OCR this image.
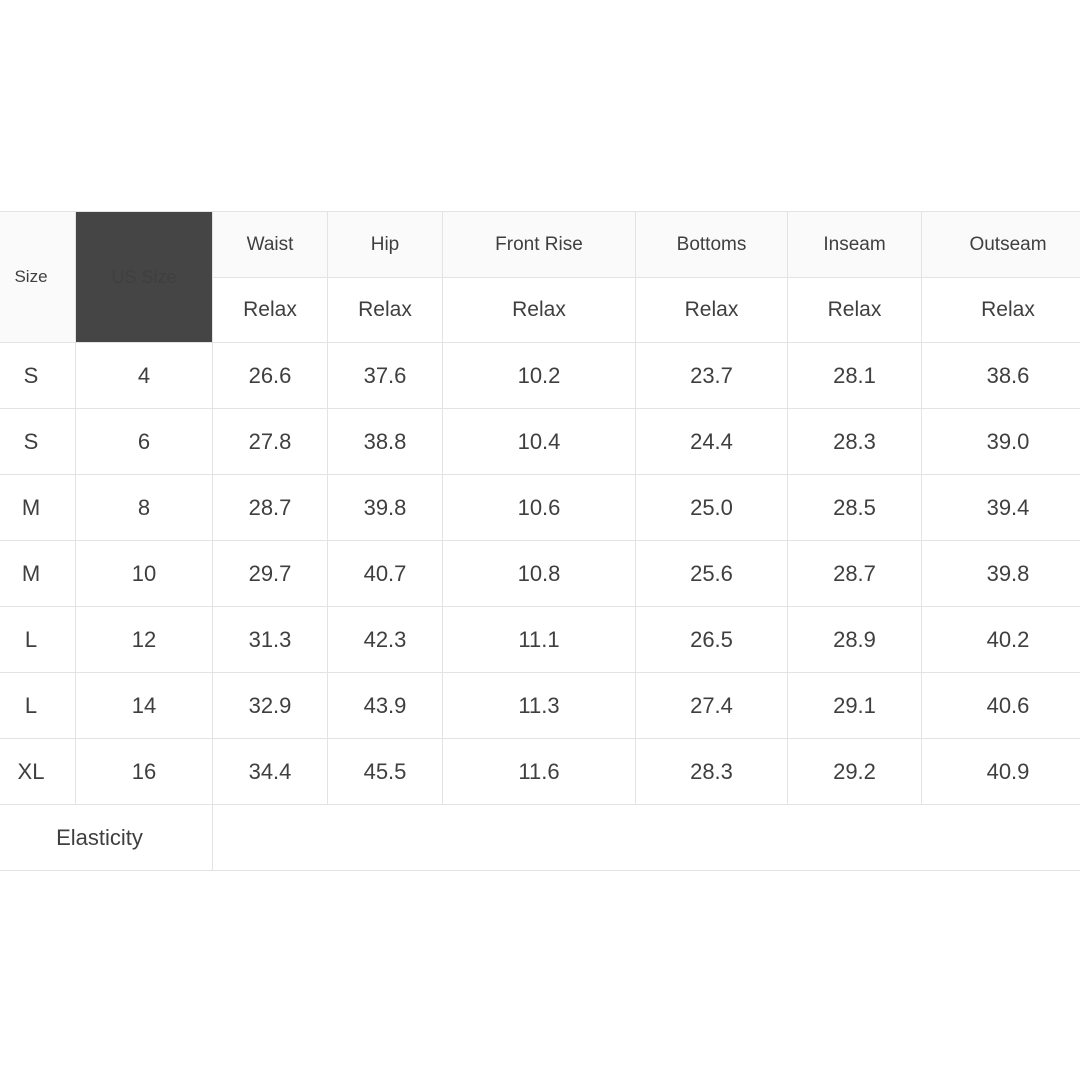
Size	US Size	Waist	Hip	Front Rise	Bottoms	Inseam	Outseam
		Relax	Relax	Relax	Relax	Relax	Relax
S	4	26.6	37.6	10.2	23.7	28.1	38.6
S	6	27.8	38.8	10.4	24.4	28.3	39.0
M	8	28.7	39.8	10.6	25.0	28.5	39.4
M	10	29.7	40.7	10.8	25.6	28.7	39.8
L	12	31.3	42.3	11.1	26.5	28.9	40.2
L	14	32.9	43.9	11.3	27.4	29.1	40.6
XL	16	34.4	45.5	11.6	28.3	29.2	40.9
Elasticity							
